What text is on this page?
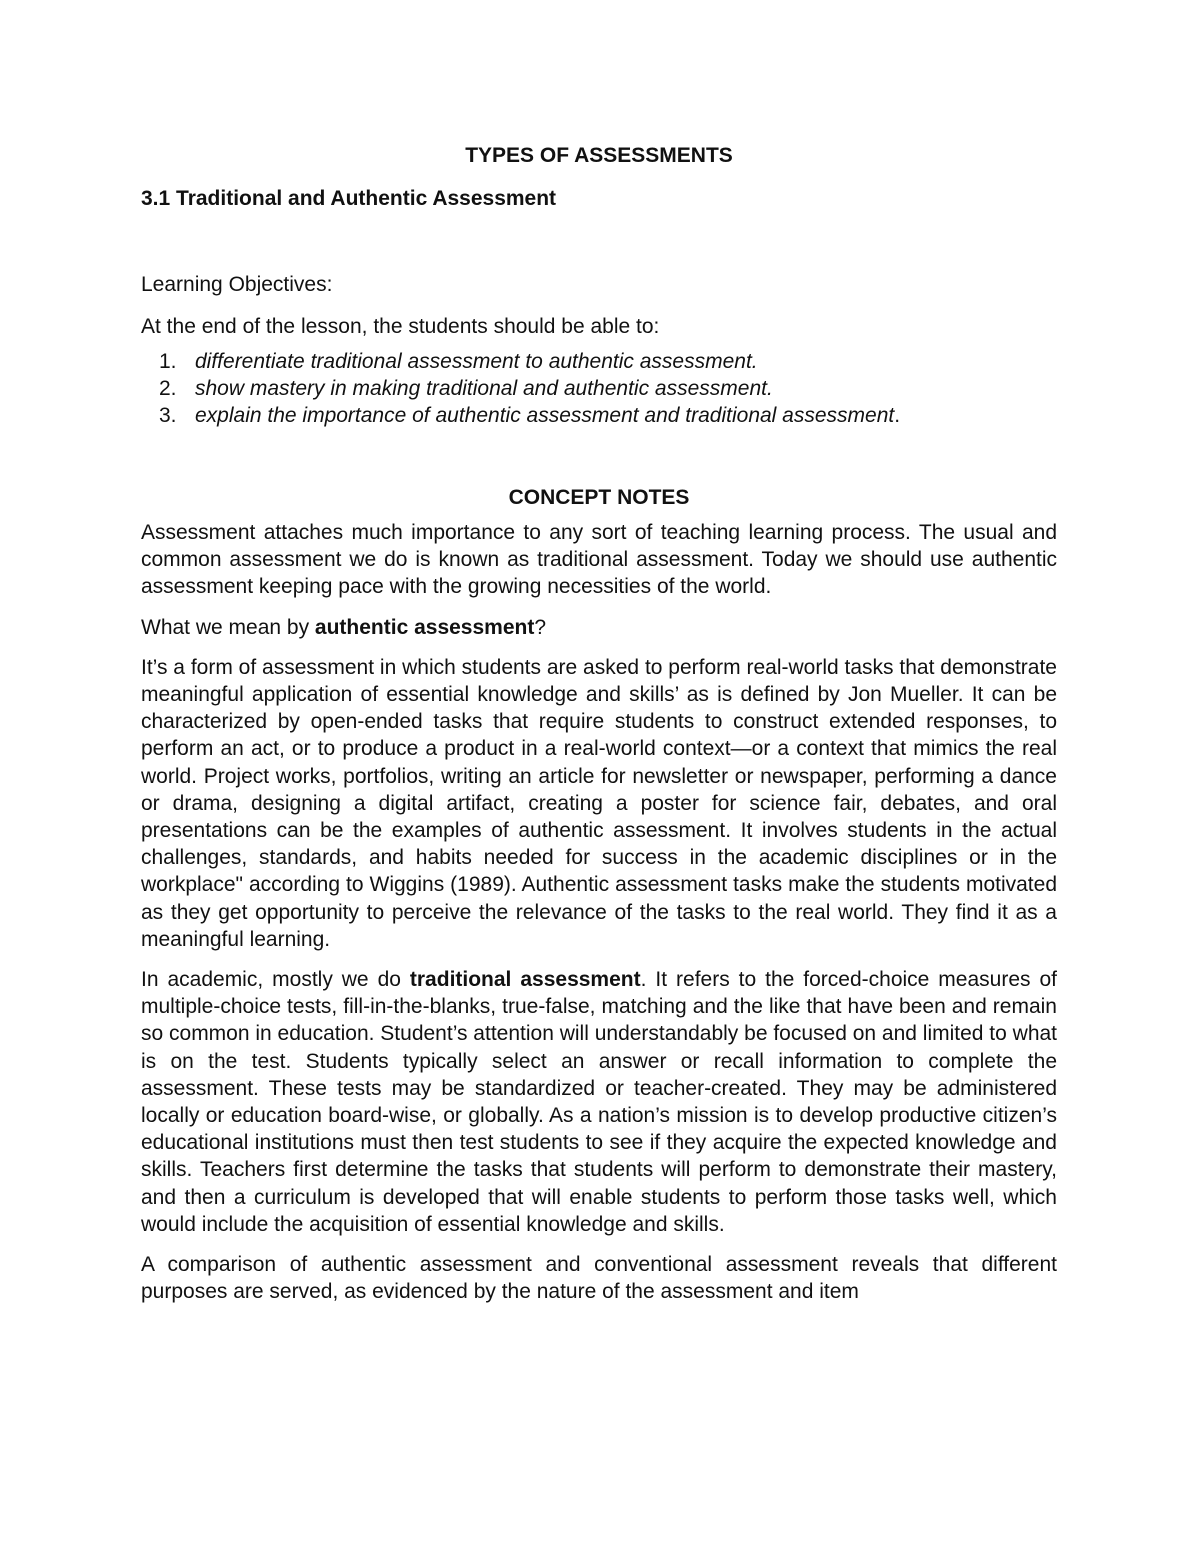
TYPES OF ASSESSMENTS
3.1 Traditional and Authentic Assessment

Learning Objectives:

At the end of the lesson, the students should be able to:

1. differentiate traditional assessment to authentic assessment.
2. show mastery in making traditional and authentic assessment.
3. explain the importance of authentic assessment and traditional assessment.
CONCEPT NOTES

Assessment attaches much importance to any sort of teaching learning process. The usual and common assessment we do is known as traditional assessment. Today we should use authentic assessment keeping pace with the growing necessities of the world.

What we mean by authentic assessment?

It’s a form of assessment in which students are asked to perform real-world tasks that demonstrate meaningful application of essential knowledge and skills’ as is defined by Jon Mueller. It can be characterized by open-ended tasks that require students to construct extended responses, to perform an act, or to produce a product in a real-world context—or a context that mimics the real world. Project works, portfolios, writing an article for newsletter or newspaper, performing a dance or drama, designing a digital artifact, creating a poster for science fair, debates, and oral presentations can be the examples of authentic assessment. It involves students in the actual challenges, standards, and habits needed for success in the academic disciplines or in the workplace" according to Wiggins (1989). Authentic assessment tasks make the students motivated as they get opportunity to perceive the relevance of the tasks to the real world. They find it as a meaningful learning.

In academic, mostly we do traditional assessment. It refers to the forced-choice measures of multiple-choice tests, fill-in-the-blanks, true-false, matching and the like that have been and remain so common in education. Student’s attention will understandably be focused on and limited to what is on the test. Students typically select an answer or recall information to complete the assessment. These tests may be standardized or teacher-created. They may be administered locally or education board-wise, or globally. As a nation’s mission is to develop productive citizen’s educational institutions must then test students to see if they acquire the expected knowledge and skills. Teachers first determine the tasks that students will perform to demonstrate their mastery, and then a curriculum is developed that will enable students to perform those tasks well, which would include the acquisition of essential knowledge and skills.

A comparison of authentic assessment and conventional assessment reveals that different purposes are served, as evidenced by the nature of the assessment and item
